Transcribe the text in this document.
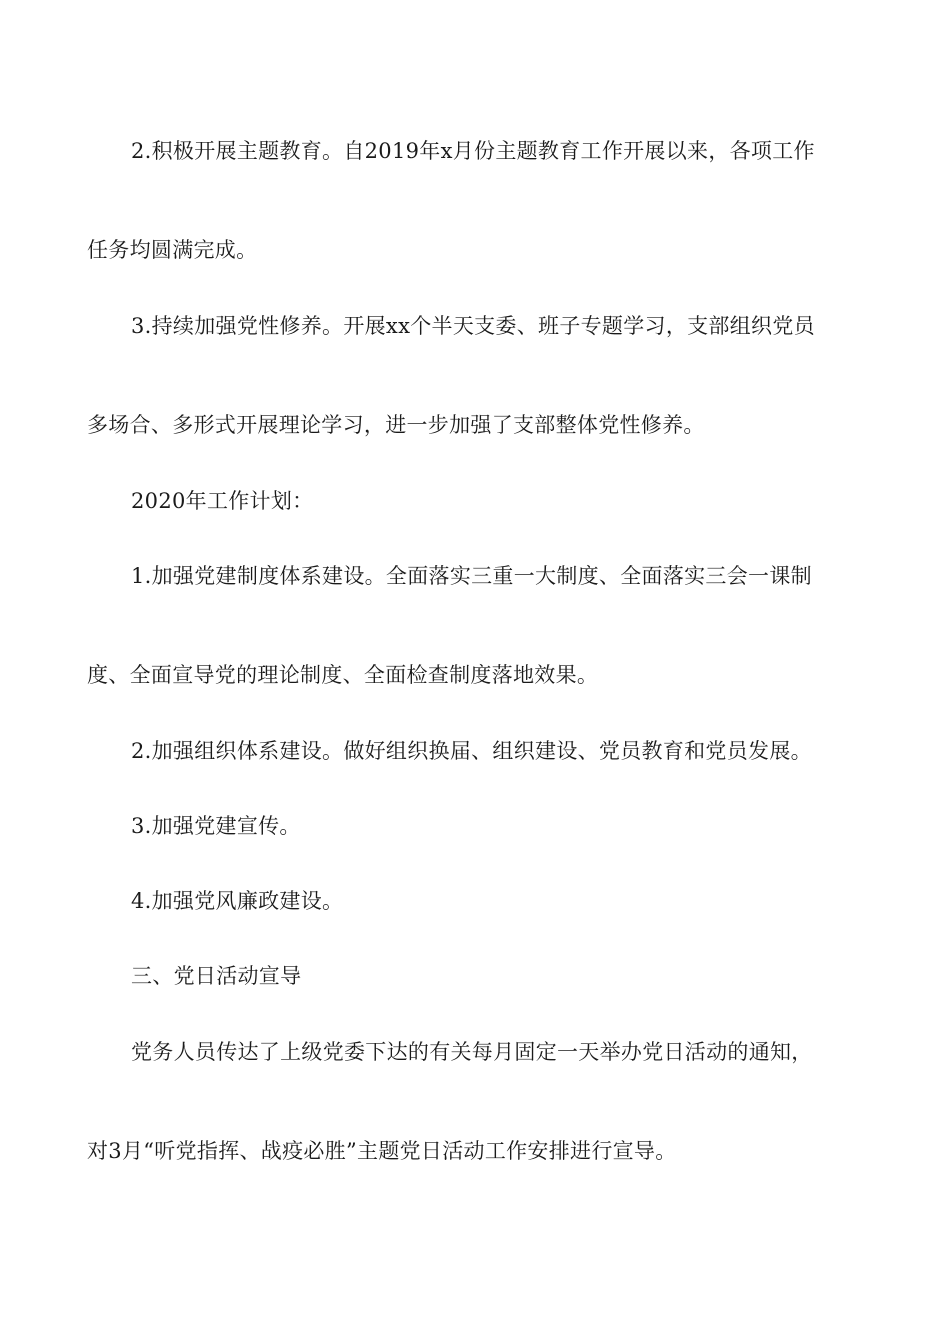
2.积极开展主题教育。自2019年x月份主题教育工作开展以来，各项工作
任务均圆满完成。
3.持续加强党性修养。开展xx个半天支委、班子专题学习，支部组织党员
多场合、多形式开展理论学习，进一步加强了支部整体党性修养。
2020年工作计划：
1.加强党建制度体系建设。全面落实三重一大制度、全面落实三会一课制
度、全面宣导党的理论制度、全面检查制度落地效果。
2.加强组织体系建设。做好组织换届、组织建设、党员教育和党员发展。
3.加强党建宣传。
4.加强党风廉政建设。
三、党日活动宣导
党务人员传达了上级党委下达的有关每月固定一天举办党日活动的通知，
对3月“听党指挥、战疫必胜”主题党日活动工作安排进行宣导。
